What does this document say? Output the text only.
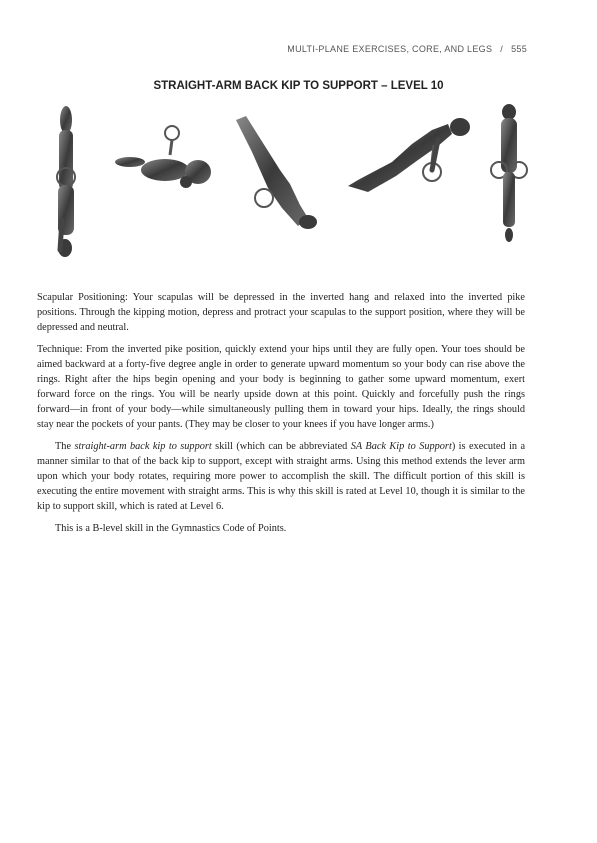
MULTI-PLANE EXERCISES, CORE, AND LEGS / 555
STRAIGHT-ARM BACK KIP TO SUPPORT – LEVEL 10

Scapular Positioning: Your scapulas will be depressed in the inverted hang and relaxed into the inverted pike positions. Through the kipping motion, depress and protract your scapulas to the support position, where they will be depressed and neutral.

Technique: From the inverted pike position, quickly extend your hips until they are fully open. Your toes should be aimed backward at a forty-five degree angle in order to generate upward momentum so your body can rise above the rings. Right after the hips begin opening and your body is beginning to gather some upward momentum, exert forward force on the rings. You will be nearly upside down at this point. Quickly and forcefully push the rings forward—in front of your body—while simultaneously pulling them in toward your hips. Ideally, the rings should stay near the pockets of your pants. (They may be closer to your knees if you have longer arms.)

The straight-arm back kip to support skill (which can be abbreviated SA Back Kip to Support) is executed in a manner similar to that of the back kip to support, except with straight arms. Using this method extends the lever arm upon which your body rotates, requiring more power to accomplish the skill. The difficult portion of this skill is executing the entire movement with straight arms. This is why this skill is rated at Level 10, though it is similar to the kip to support skill, which is rated at Level 6.

This is a B-level skill in the Gymnastics Code of Points.
